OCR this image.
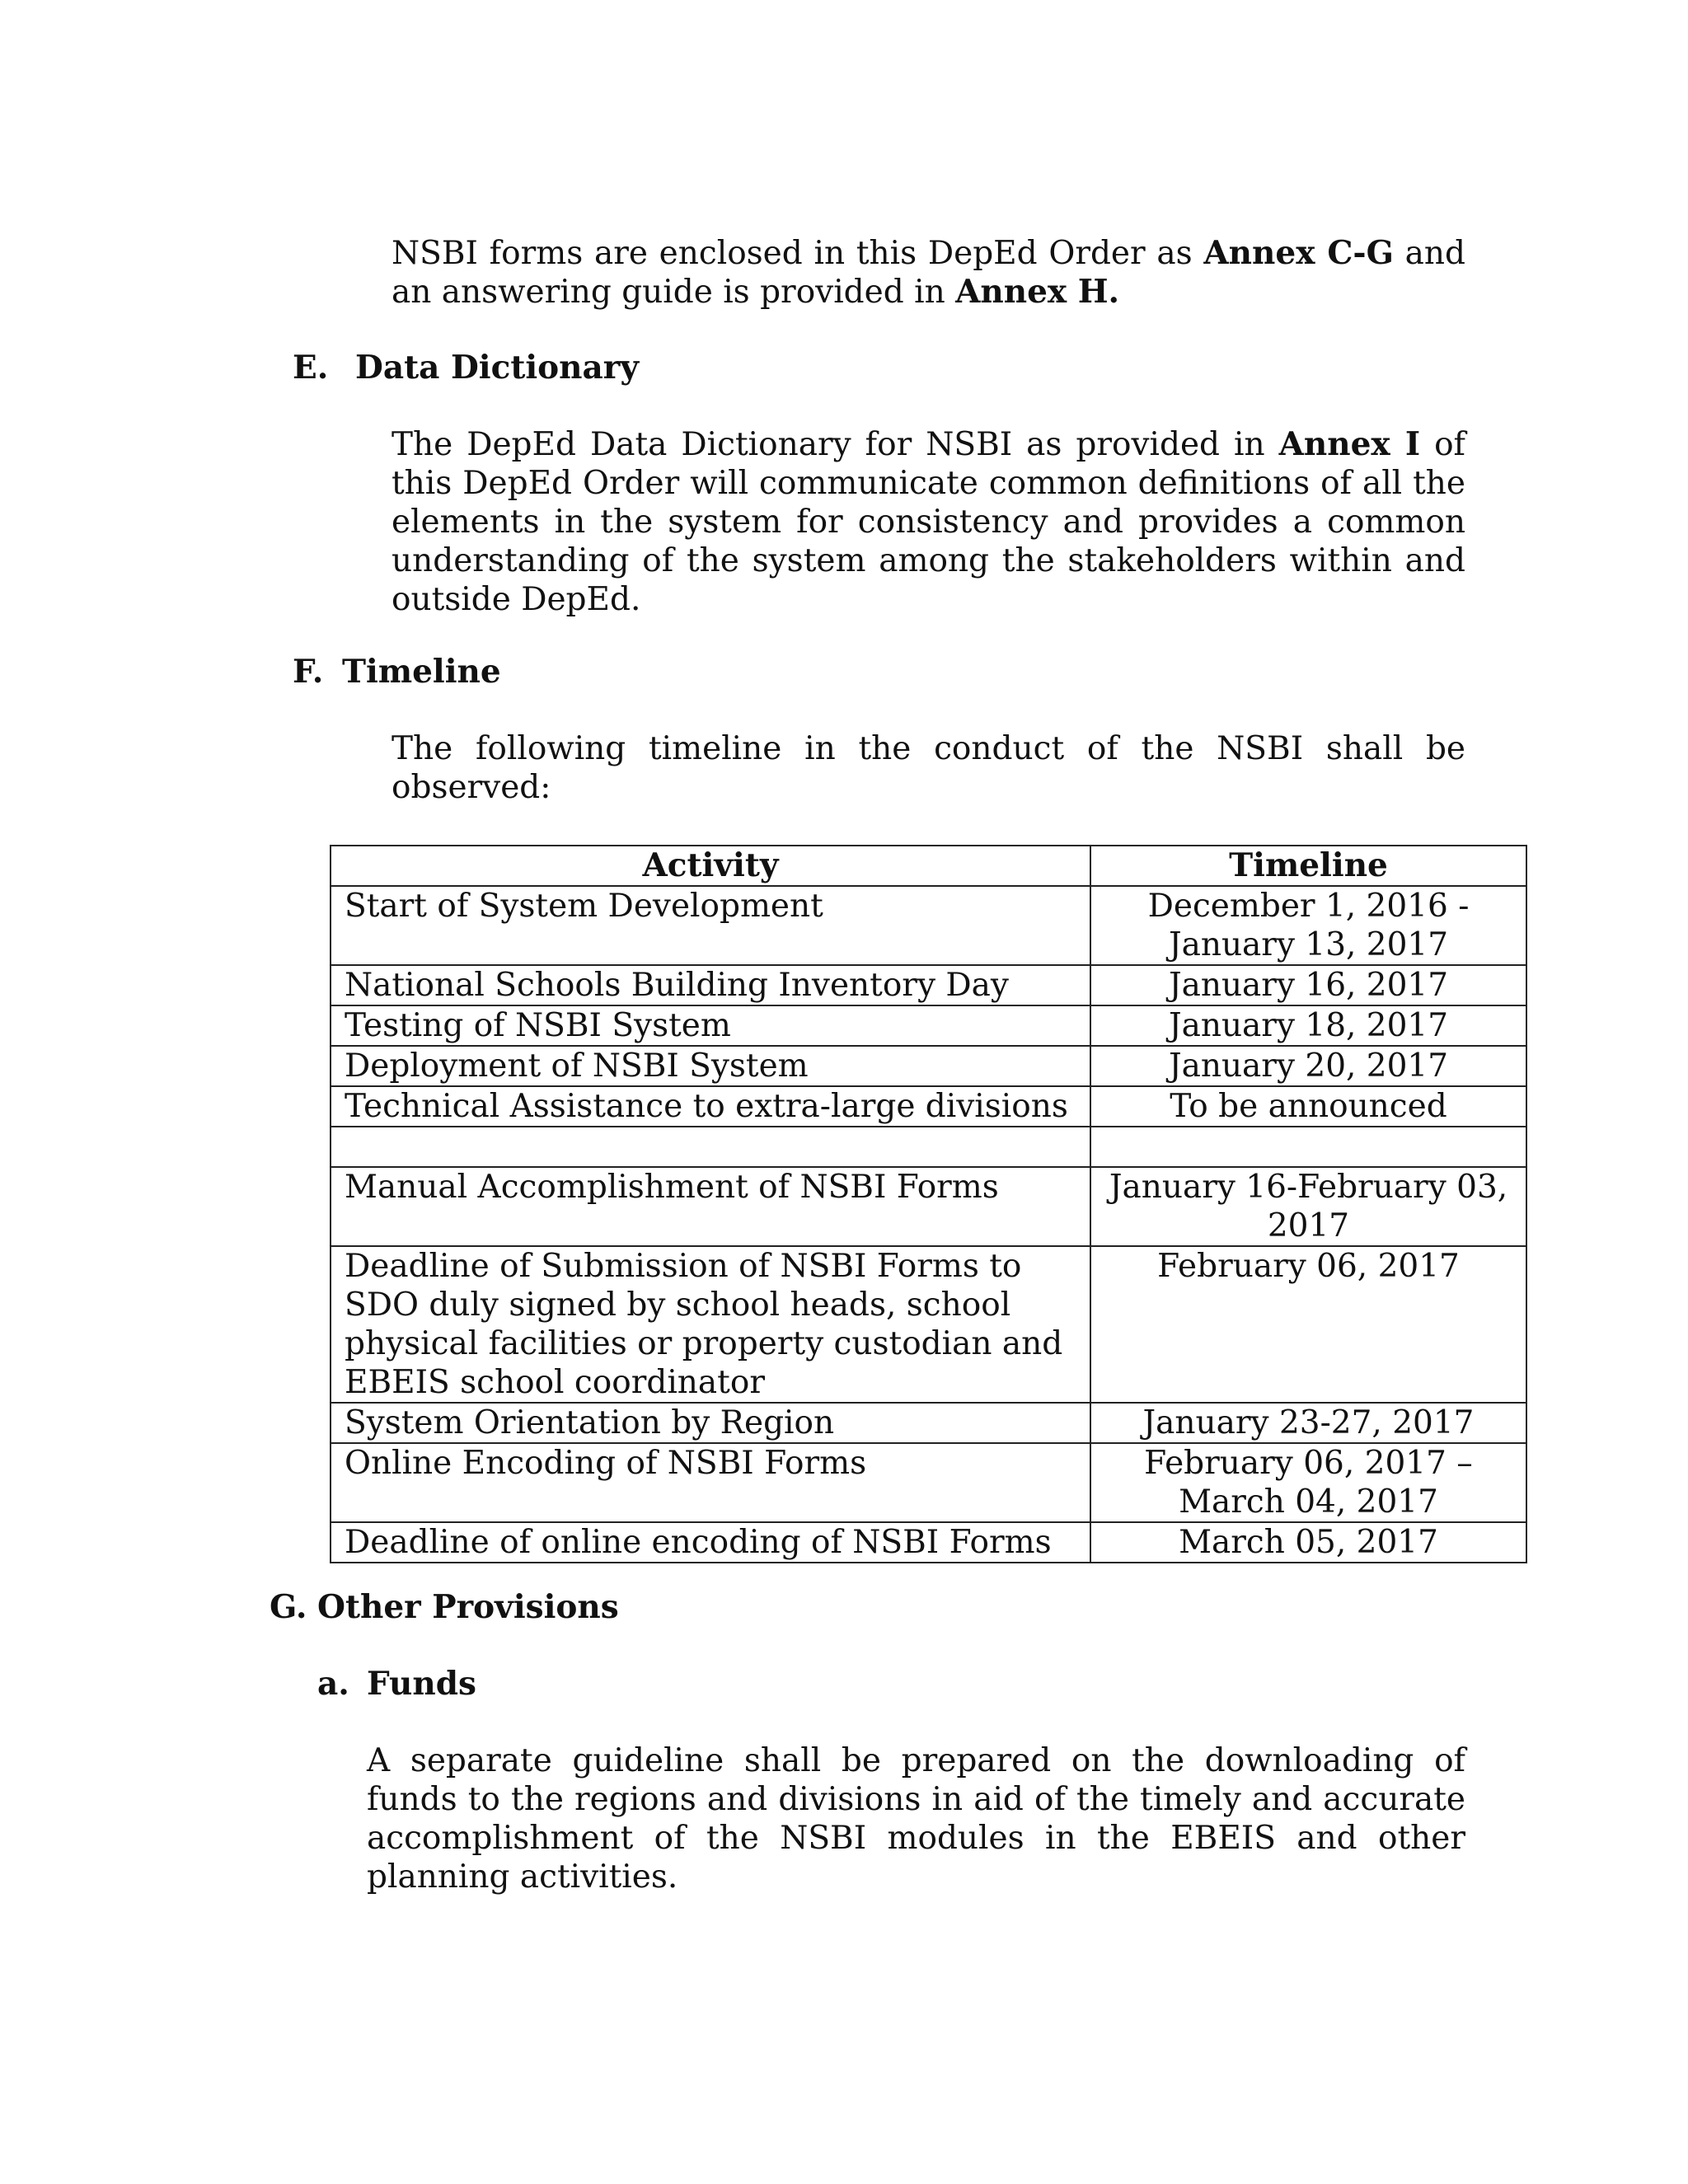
NSBI forms are enclosed in this DepEd Order as Annex C-G and an answering guide is provided in Annex H.

E. Data Dictionary

The DepEd Data Dictionary for NSBI as provided in Annex I of this DepEd Order will communicate common definitions of all the elements in the system for consistency and provides a common understanding of the system among the stakeholders within and outside DepEd.

F. Timeline

The following timeline in the conduct of the NSBI shall be observed:

Activity	Timeline
Start of System Development	December 1, 2016 - January 13, 2017
National Schools Building Inventory Day	January 16, 2017
Testing of NSBI System	January 18, 2017
Deployment of NSBI System	January 20, 2017
Technical Assistance to extra-large divisions	To be announced

Manual Accomplishment of NSBI Forms	January 16-February 03, 2017
Deadline of Submission of NSBI Forms to SDO duly signed by school heads, school physical facilities or property custodian and EBEIS school coordinator	February 06, 2017
System Orientation by Region	January 23-27, 2017
Online Encoding of NSBI Forms	February 06, 2017 – March 04, 2017
Deadline of online encoding of NSBI Forms	March 05, 2017
G. Other Provisions
a. Funds

A separate guideline shall be prepared on the downloading of funds to the regions and divisions in aid of the timely and accurate accomplishment of the NSBI modules in the EBEIS and other planning activities.
